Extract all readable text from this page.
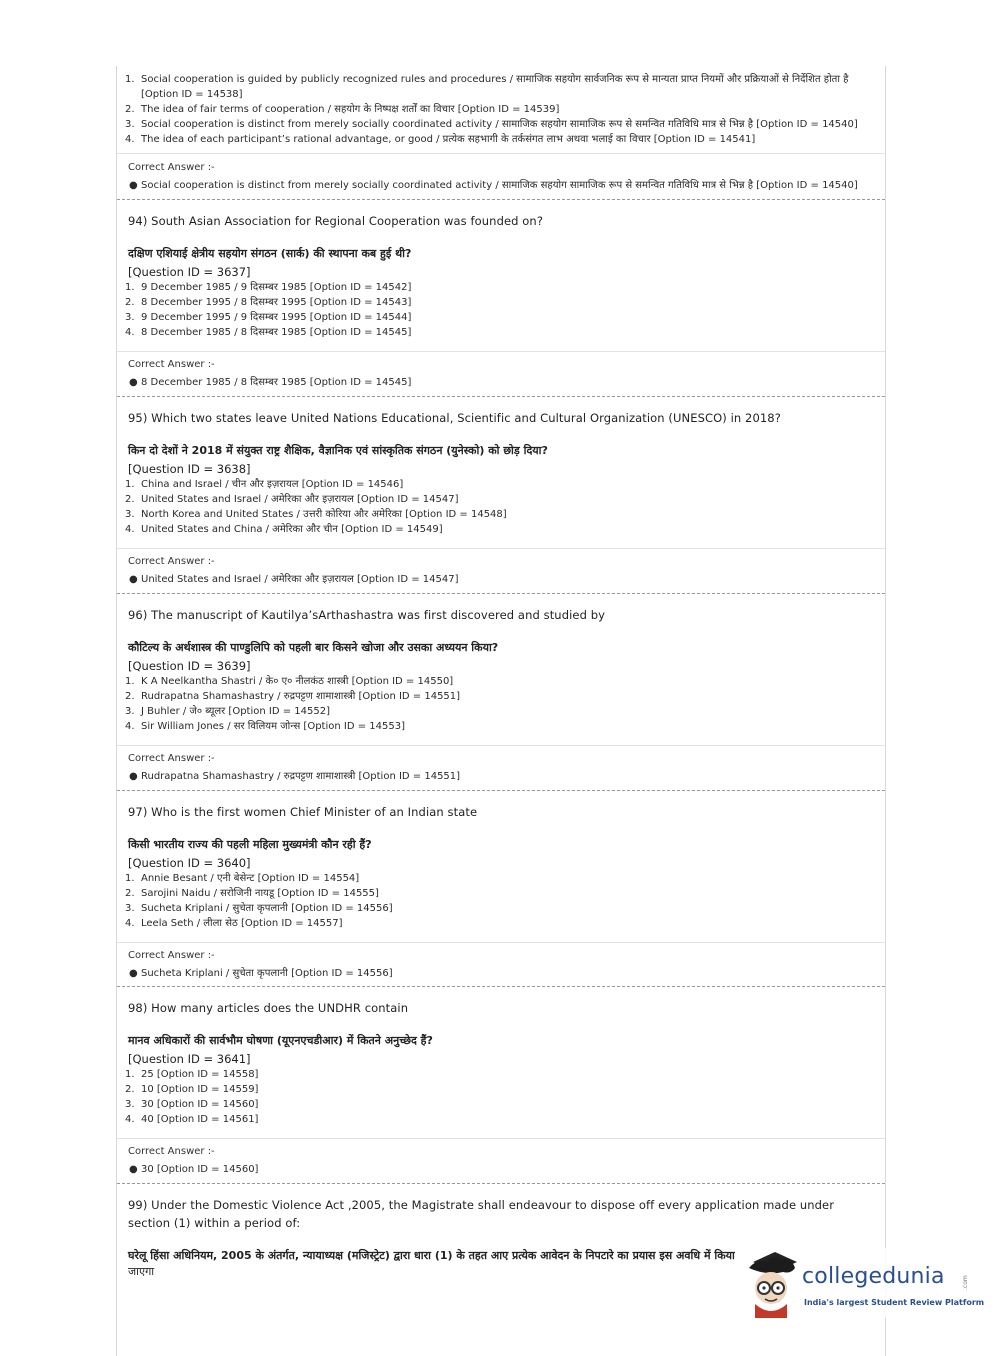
1. Social cooperation is guided by publicly recognized rules and procedures / सामाजिक सहयोग सार्वजनिक रूप से मान्यता प्राप्त नियमों और प्रक्रियाओं से निर्देशित होता है
[Option ID = 14538]
2. The idea of fair terms of cooperation / सहयोग के निष्पक्ष शर्तों का विचार [Option ID = 14539]
3. Social cooperation is distinct from merely socially coordinated activity / सामाजिक सहयोग सामाजिक रूप से समन्वित गतिविधि मात्र से भिन्न है [Option ID = 14540]
4. The idea of each participant’s rational advantage, or good / प्रत्येक सहभागी के तर्कसंगत लाभ अथवा भलाई का विचार [Option ID = 14541]
Correct Answer :-
● Social cooperation is distinct from merely socially coordinated activity / सामाजिक सहयोग सामाजिक रूप से समन्वित गतिविधि मात्र से भिन्न है [Option ID = 14540]
94) South Asian Association for Regional Cooperation was founded on?
दक्षिण एशियाई क्षेत्रीय सहयोग संगठन (सार्क) की स्थापना कब हुई थी?
[Question ID = 3637]
1. 9 December 1985 / 9 दिसम्बर 1985 [Option ID = 14542]
2. 8 December 1995 / 8 दिसम्बर 1995 [Option ID = 14543]
3. 9 December 1995 / 9 दिसम्बर 1995 [Option ID = 14544]
4. 8 December 1985 / 8 दिसम्बर 1985 [Option ID = 14545]
Correct Answer :-
● 8 December 1985 / 8 दिसम्बर 1985 [Option ID = 14545]
95) Which two states leave United Nations Educational, Scientific and Cultural Organization (UNESCO) in 2018?
किन दो देशों ने 2018 में संयुक्त राष्ट्र शैक्षिक, वैज्ञानिक एवं सांस्कृतिक संगठन (युनेस्को) को छोड़ दिया?
[Question ID = 3638]
1. China and Israel / चीन और इज़रायल [Option ID = 14546]
2. United States and Israel / अमेरिका और इज़रायल [Option ID = 14547]
3. North Korea and United States / उत्तरी कोरिया और अमेरिका [Option ID = 14548]
4. United States and China / अमेरिका और चीन [Option ID = 14549]
Correct Answer :-
● United States and Israel / अमेरिका और इज़रायल [Option ID = 14547]
96) The manuscript of Kautilya’sArthashastra was first discovered and studied by
कौटिल्य के अर्थशास्त्र की पाण्डुलिपि को पहली बार किसने खोजा और उसका अध्ययन किया?
[Question ID = 3639]
1. K A Neelkantha Shastri / के० ए० नीलकंठ शास्त्री [Option ID = 14550]
2. Rudrapatna Shamashastry / रुद्रपट्टण शामाशास्त्री [Option ID = 14551]
3. J Buhler / जे० ब्यूलर [Option ID = 14552]
4. Sir William Jones / सर विलियम जोन्स [Option ID = 14553]
Correct Answer :-
● Rudrapatna Shamashastry / रुद्रपट्टण शामाशास्त्री [Option ID = 14551]
97) Who is the first women Chief Minister of an Indian state
किसी भारतीय राज्य की पहली महिला मुख्यमंत्री कौन रही हैं?
[Question ID = 3640]
1. Annie Besant / एनी बेसेन्ट [Option ID = 14554]
2. Sarojini Naidu / सरोजिनी नायडू [Option ID = 14555]
3. Sucheta Kriplani / सुचेता कृपलानी [Option ID = 14556]
4. Leela Seth / लीला सेठ [Option ID = 14557]
Correct Answer :-
● Sucheta Kriplani / सुचेता कृपलानी [Option ID = 14556]
98) How many articles does the UNDHR contain
मानव अधिकारों की सार्वभौम घोषणा (यूएनएचडीआर) में कितने अनुच्छेद हैं?
[Question ID = 3641]
1. 25 [Option ID = 14558]
2. 10 [Option ID = 14559]
3. 30 [Option ID = 14560]
4. 40 [Option ID = 14561]
Correct Answer :-
● 30 [Option ID = 14560]
99) Under the Domestic Violence Act ,2005, the Magistrate shall endeavour to dispose off every application made under
section (1) within a period of:
घरेलू हिंसा अधिनियम, 2005 के अंतर्गत, न्यायाध्यक्ष (मजिस्ट्रेट) द्वारा धारा (1) के तहत आए प्रत्येक आवेदन के निपटारे का प्रयास इस अवधि में किया
जाएगा	collegedunia	.com
India's largest Student Review Platform
